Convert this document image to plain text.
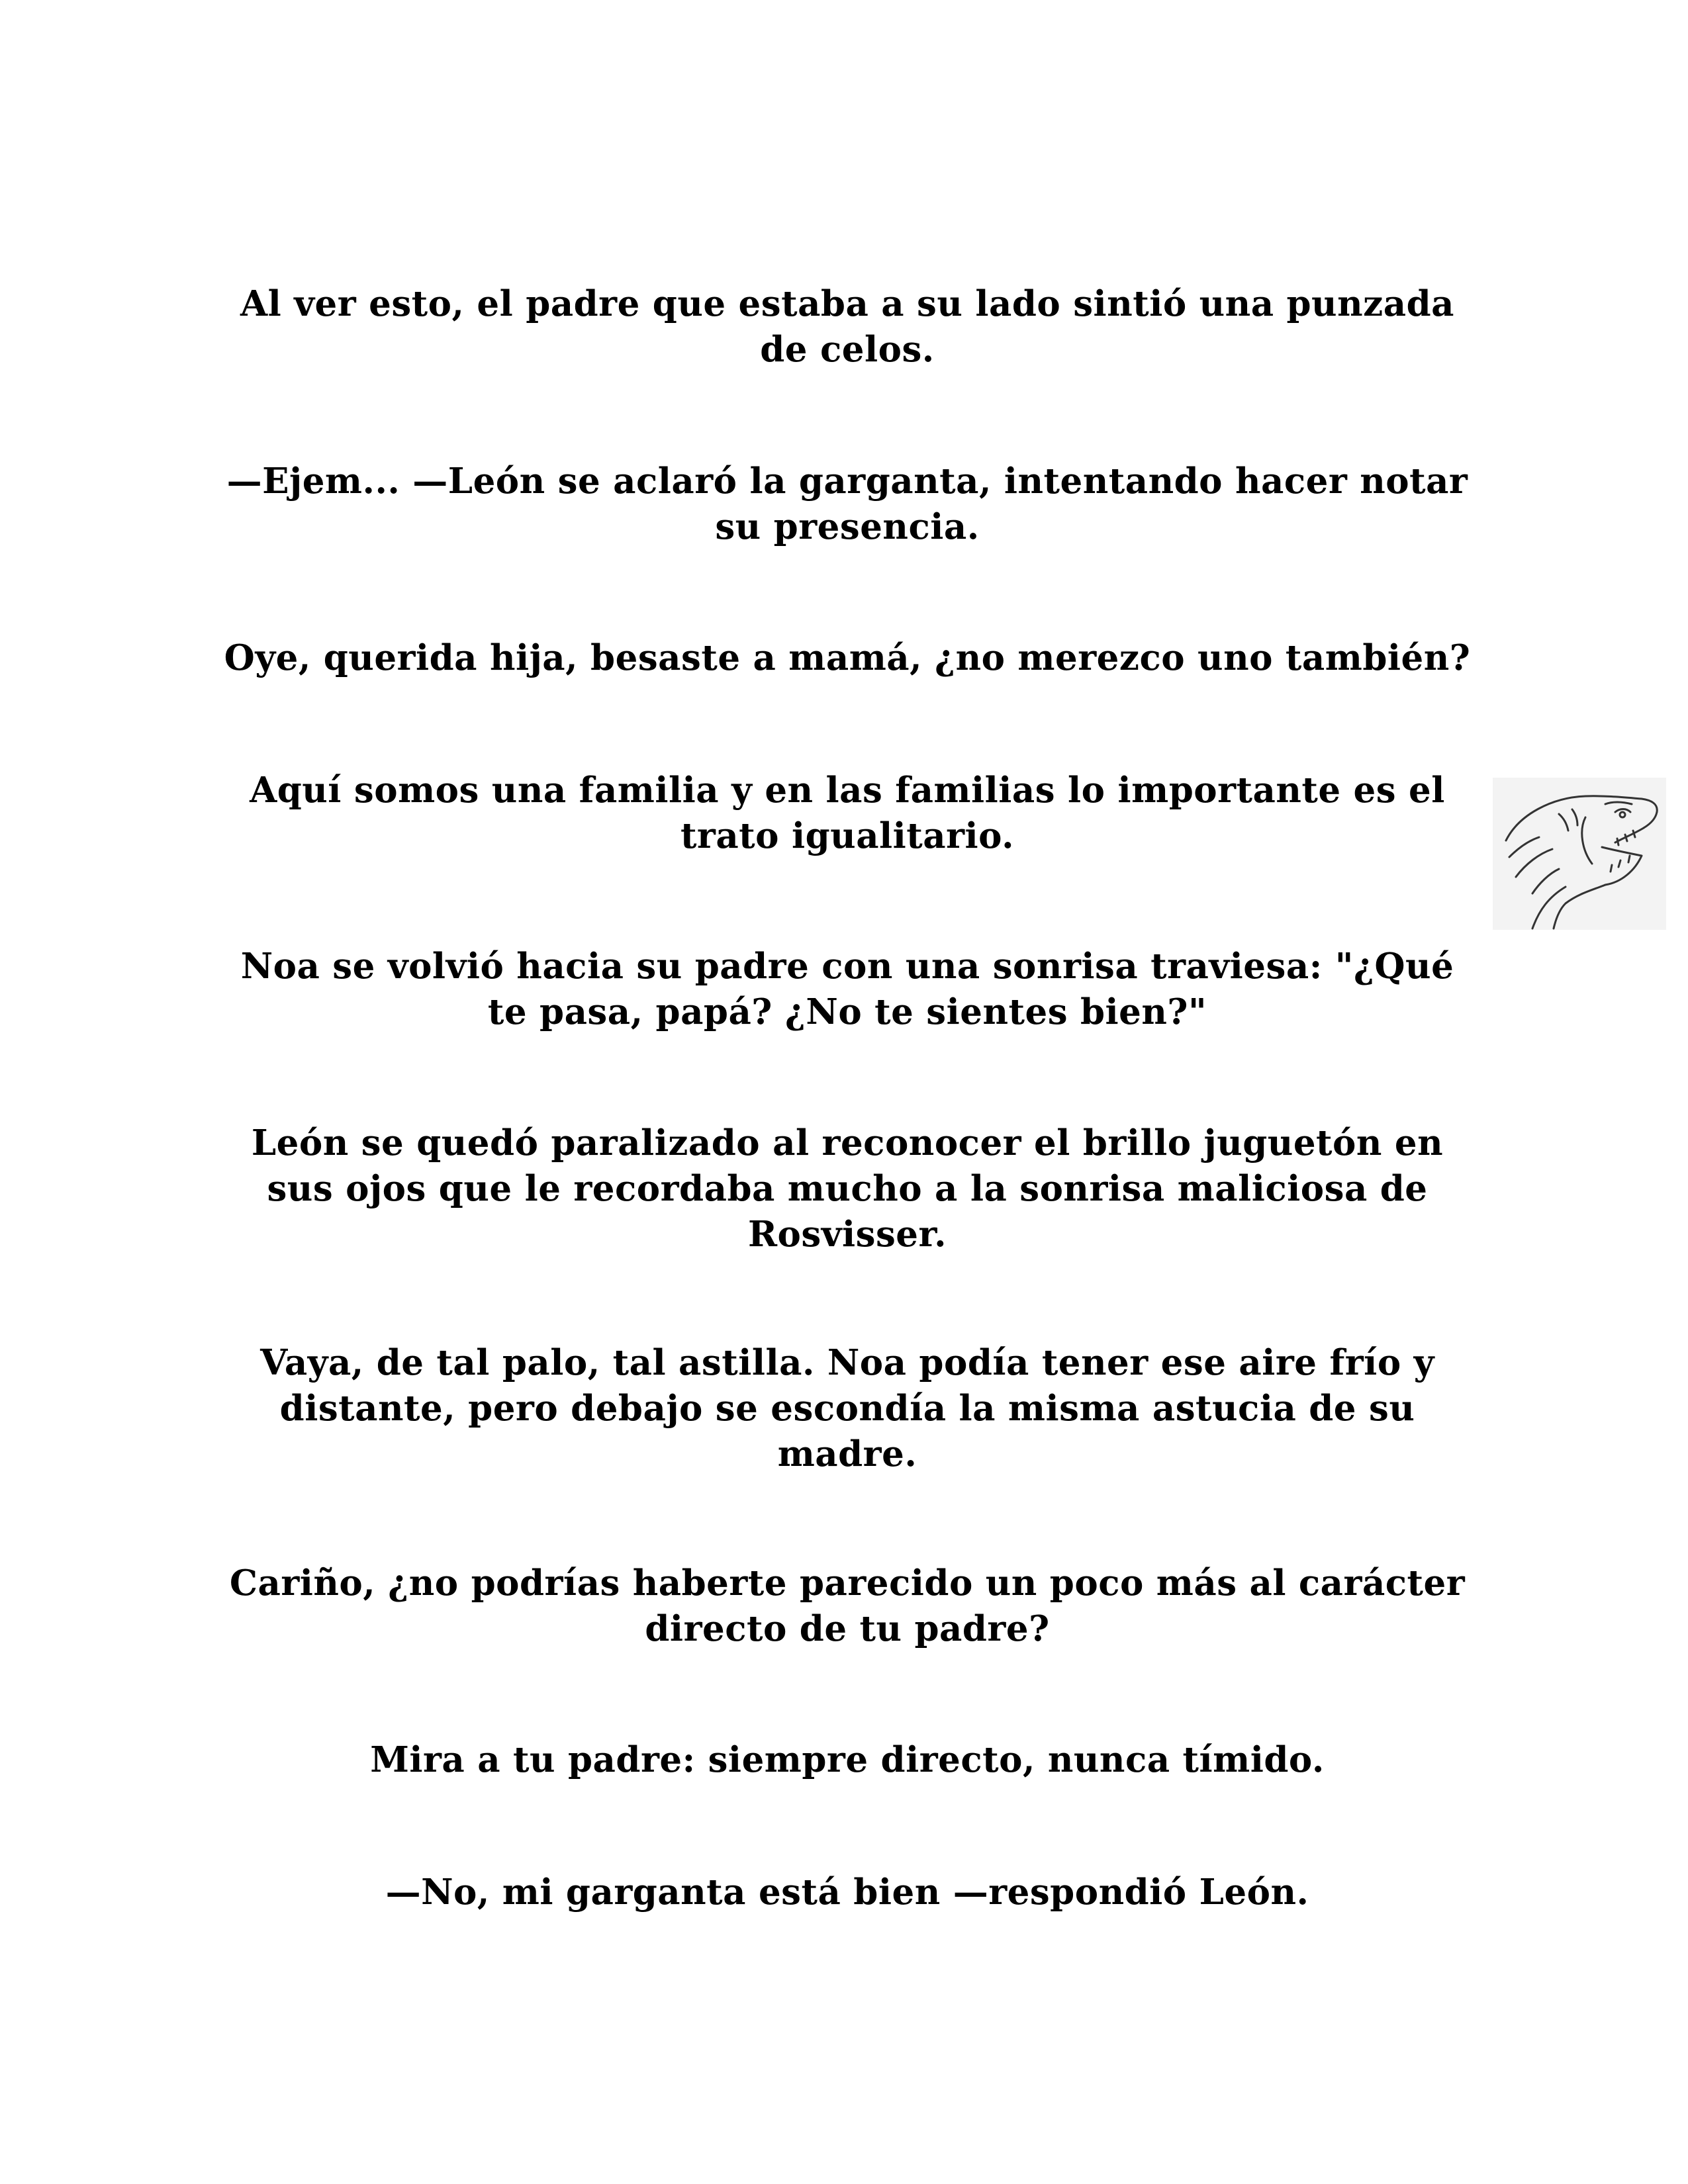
Al ver esto, el padre que estaba a su lado sintió una punzada de celos.

—Ejem... —León se aclaró la garganta, intentando hacer notar su presencia.

Oye, querida hija, besaste a mamá, ¿no merezco uno también?

Aquí somos una familia y en las familias lo importante es el trato igualitario.

Noa se volvió hacia su padre con una sonrisa traviesa: "¿Qué te pasa, papá? ¿No te sientes bien?"

León se quedó paralizado al reconocer el brillo juguetón en sus ojos que le recordaba mucho a la sonrisa maliciosa de Rosvisser.

Vaya, de tal palo, tal astilla. Noa podía tener ese aire frío y distante, pero debajo se escondía la misma astucia de su madre.

Cariño, ¿no podrías haberte parecido un poco más al carácter directo de tu padre?

Mira a tu padre: siempre directo, nunca tímido.

—No, mi garganta está bien —respondió León.
